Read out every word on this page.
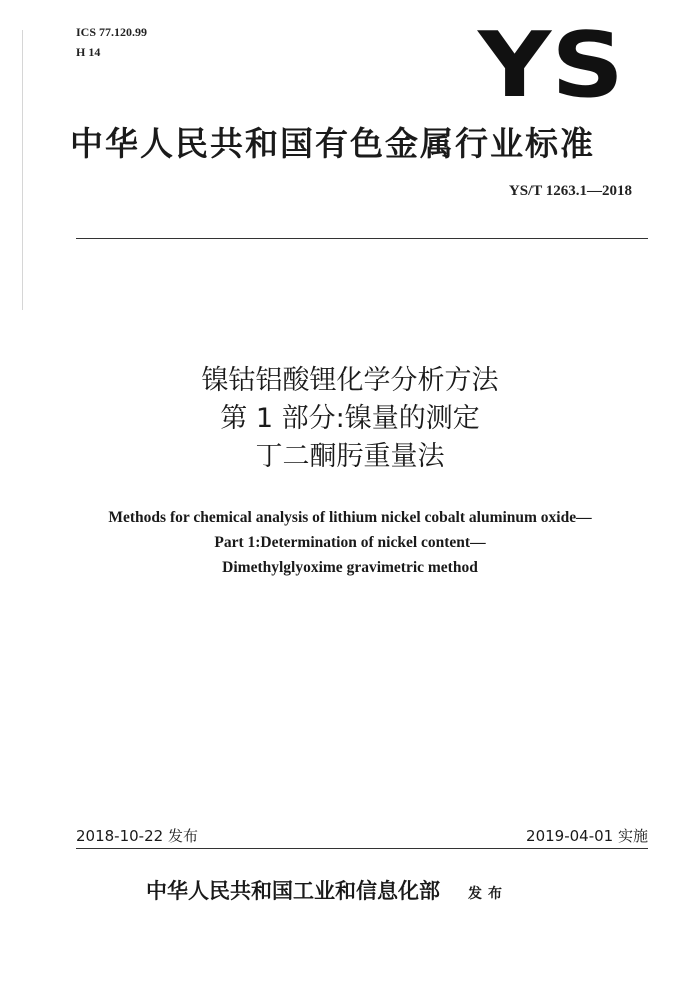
ICS 77.120.99
H 14	YS
中华人民共和国有色金属行业标准
YS/T 1263.1—2018
镍钴铝酸锂化学分析方法
第 1 部分:镍量的测定
丁二酮肟重量法
Methods for chemical analysis of lithium nickel cobalt aluminum oxide—
Part 1:Determination of nickel content—
Dimethylglyoxime gravimetric method
2018-10-22 发布	2019-04-01 实施
中华人民共和国工业和信息化部 发布
